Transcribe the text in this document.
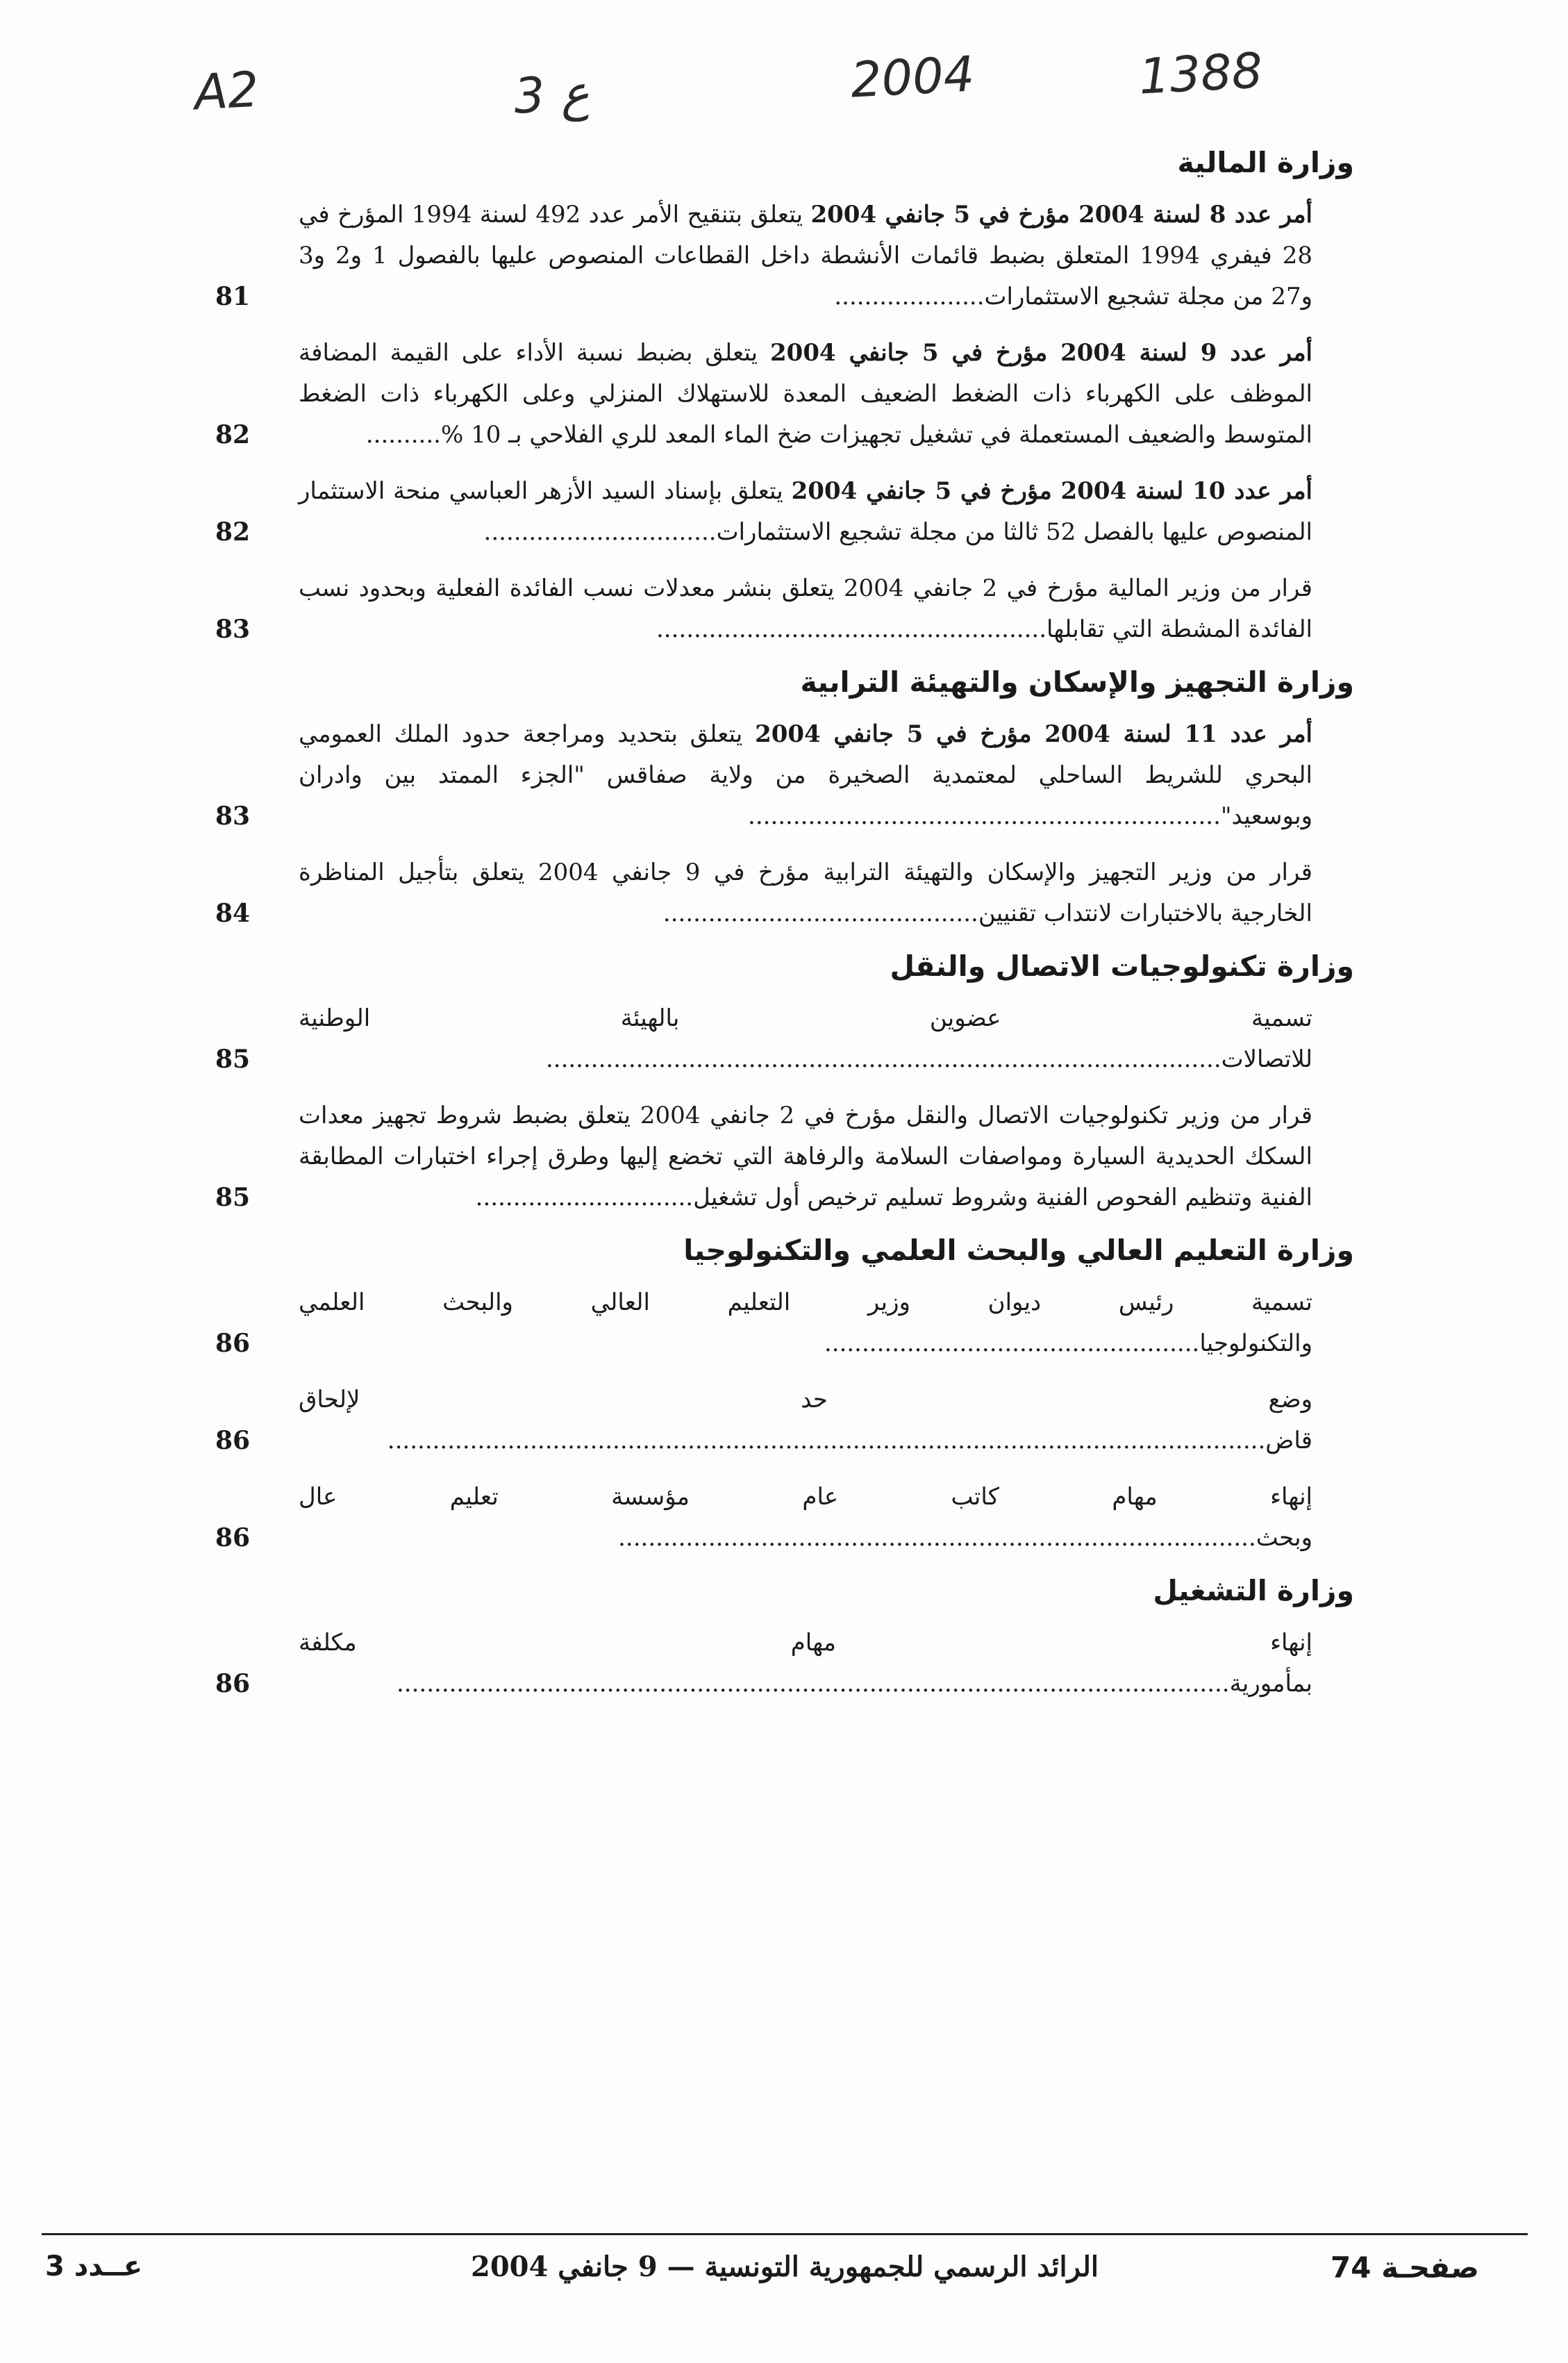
A2	3 ع	2004	1388
وزارة المالية
أمر عدد 8 لسنة 2004 مؤرخ في 5 جانفي 2004 يتعلق بتنقيح الأمر عدد 492 لسنة 1994 المؤرخ في 28 فيفري 1994 المتعلق بضبط قائمات الأنشطة داخل القطاعات المنصوص عليها بالفصول 1 و2 و3 و27 من مجلة تشجيع الاستثمارات....................
81
أمر عدد 9 لسنة 2004 مؤرخ في 5 جانفي 2004 يتعلق بضبط نسبة الأداء على القيمة المضافة الموظف على الكهرباء ذات الضغط الضعيف المعدة للاستهلاك المنزلي وعلى الكهرباء ذات الضغط المتوسط والضعيف المستعملة في تشغيل تجهيزات ضخ الماء المعد للري الفلاحي بـ 10 %..........
82
أمر عدد 10 لسنة 2004 مؤرخ في 5 جانفي 2004 يتعلق بإسناد السيد الأزهر العباسي منحة الاستثمار المنصوص عليها بالفصل 52 ثالثا من مجلة تشجيع الاستثمارات...............................
82
قرار من وزير المالية مؤرخ في 2 جانفي 2004 يتعلق بنشر معدلات نسب الفائدة الفعلية وبحدود نسب الفائدة المشطة التي تقابلها....................................................
83
وزارة التجهيز والإسكان والتهيئة الترابية
أمر عدد 11 لسنة 2004 مؤرخ في 5 جانفي 2004 يتعلق بتحديد ومراجعة حدود الملك العمومي البحري للشريط الساحلي لمعتمدية الصخيرة من ولاية صفاقس "الجزء الممتد بين وادران وبوسعيد"...............................................................
83
قرار من وزير التجهيز والإسكان والتهيئة الترابية مؤرخ في 9 جانفي 2004 يتعلق بتأجيل المناظرة الخارجية بالاختبارات لانتداب تقنيين..........................................
84
وزارة تكنولوجيات الاتصال والنقل
تسمية عضوين بالهيئة الوطنية للاتصالات..........................................................................................
85
قرار من وزير تكنولوجيات الاتصال والنقل مؤرخ في 2 جانفي 2004 يتعلق بضبط شروط تجهيز معدات السكك الحديدية السيارة ومواصفات السلامة والرفاهة التي تخضع إليها وطرق إجراء اختبارات المطابقة الفنية وتنظيم الفحوص الفنية وشروط تسليم ترخيص أول تشغيل.............................
85
وزارة التعليم العالي والبحث العلمي والتكنولوجيا
تسمية رئيس ديوان وزير التعليم العالي والبحث العلمي والتكنولوجيا..................................................
86
وضع حد لإلحاق قاض.....................................................................................................................
86
إنهاء مهام كاتب عام مؤسسة تعليم عال وبحث.....................................................................................
86
وزارة التشغيل
إنهاء مهام مكلفة بمأمورية...............................................................................................................
86
صفحـة 74
الرائد الرسمي للجمهورية التونسية — 9 جانفي 2004
عــدد 3
